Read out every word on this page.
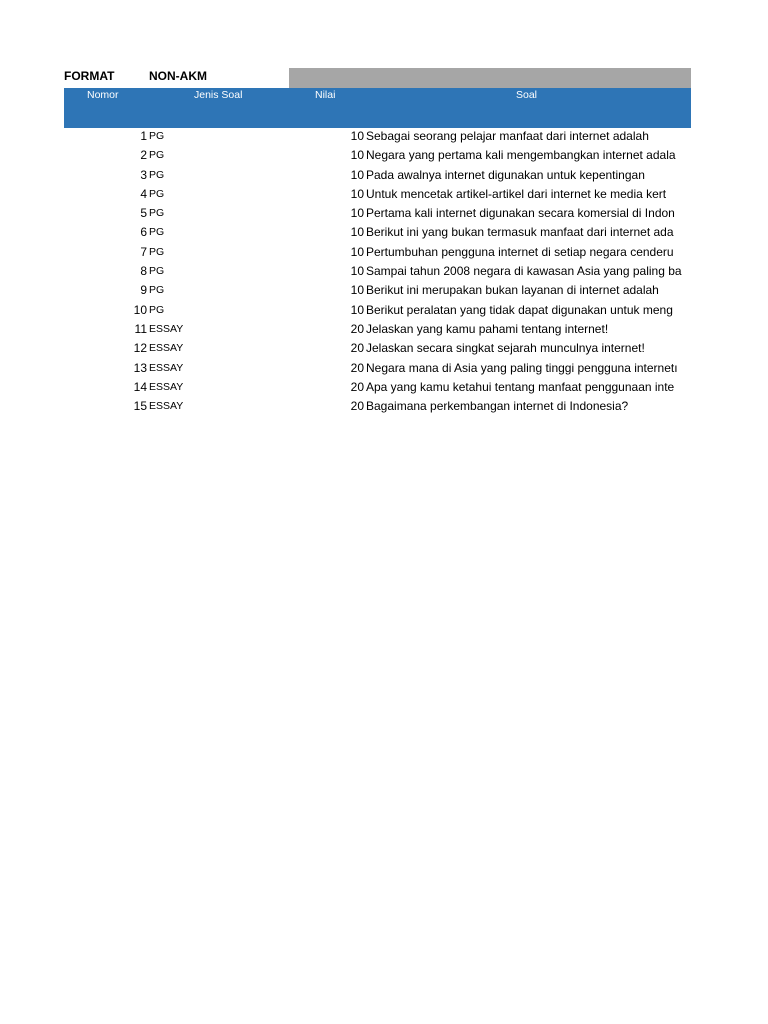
FORMAT	NON-AKM
Nomor	Jenis Soal	Nilai	Soal
1 PG	10 Sebagai seorang pelajar manfaat dari internet adalah
2 PG	10 Negara yang pertama kali mengembangkan internet adala
3 PG	10 Pada awalnya internet digunakan untuk kepentingan
4 PG	10 Untuk mencetak artikel-artikel dari internet ke media kert
5 PG	10 Pertama kali internet digunakan secara komersial di Indon
6 PG	10 Berikut ini yang bukan termasuk manfaat dari internet ada
7 PG	10 Pertumbuhan pengguna internet di setiap negara cenderu
8 PG	10 Sampai tahun 2008 negara di kawasan Asia yang paling ba
9 PG	10 Berikut ini merupakan bukan layanan di internet adalah
10 PG	10 Berikut peralatan yang tidak dapat digunakan untuk meng
11 ESSAY	20 Jelaskan yang kamu pahami tentang internet!
12 ESSAY	20 Jelaskan secara singkat sejarah munculnya internet!
13 ESSAY	20 Negara mana di Asia yang paling tinggi pengguna internetı
14 ESSAY	20 Apa yang kamu ketahui tentang manfaat penggunaan inte
15 ESSAY	20 Bagaimana perkembangan internet di Indonesia?
